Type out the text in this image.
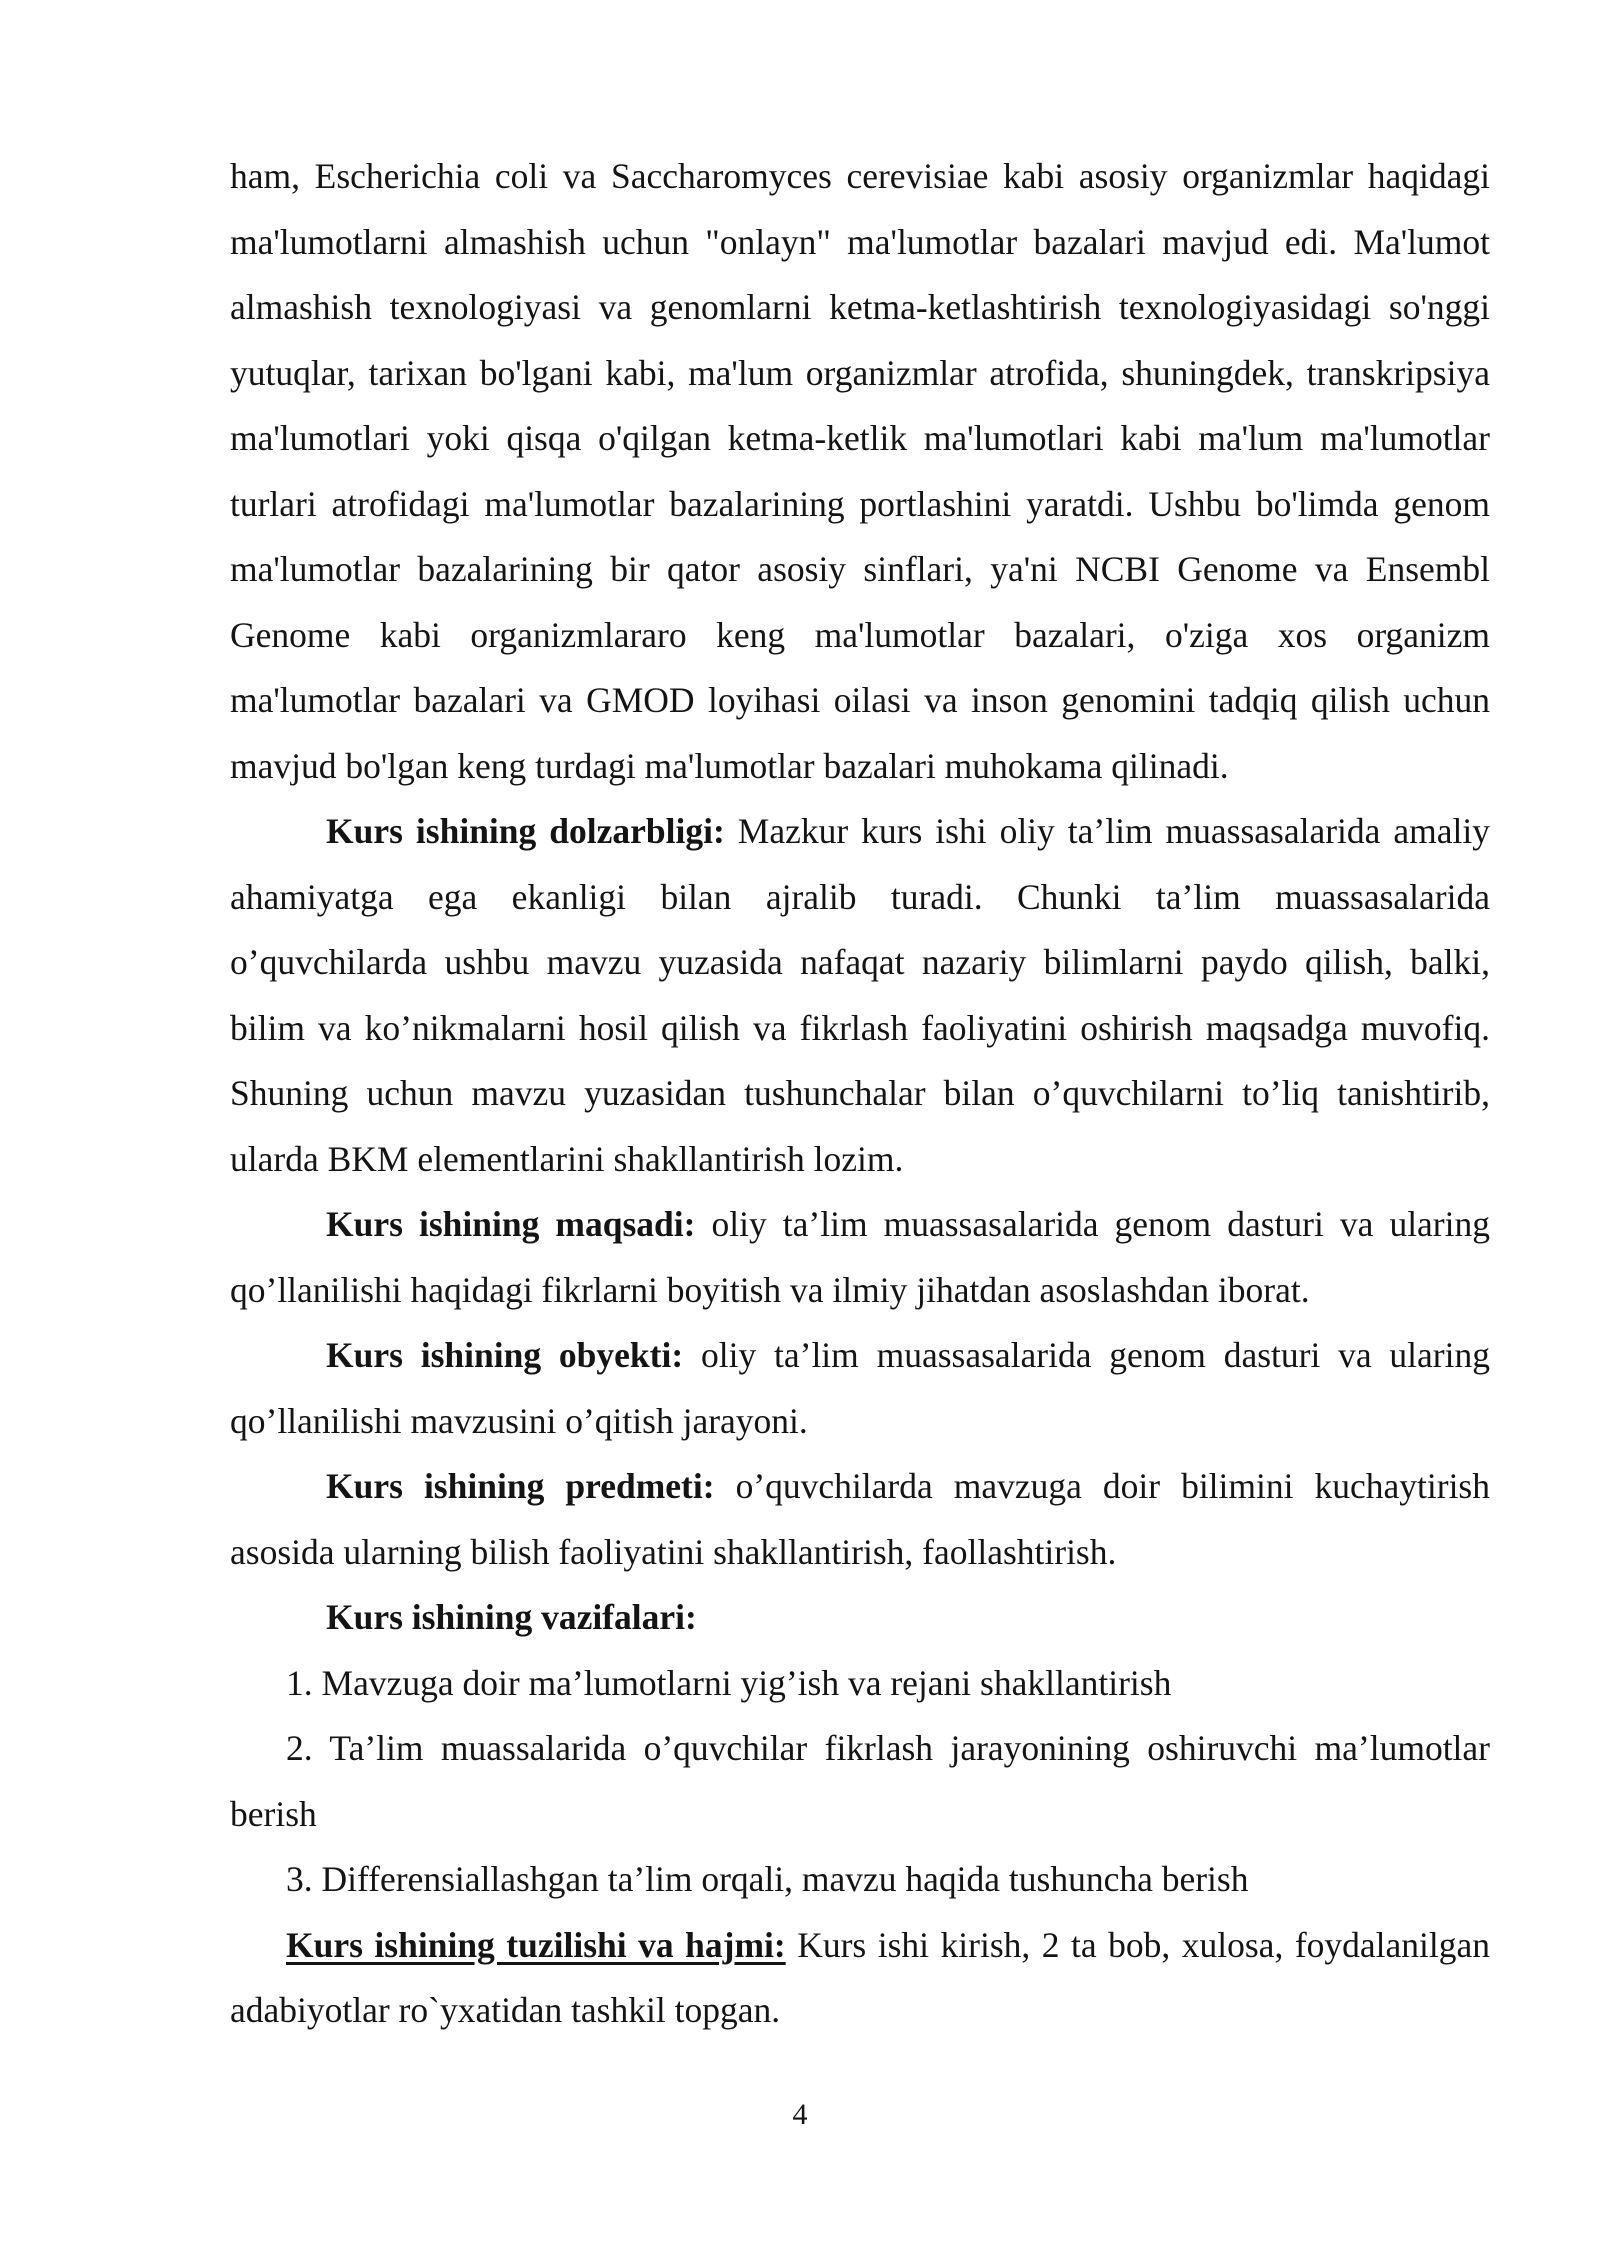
ham, Escherichia coli va Saccharomyces cerevisiae kabi asosiy organizmlar haqidagi ma'lumotlarni almashish uchun "onlayn" ma'lumotlar bazalari mavjud edi. Ma'lumot almashish texnologiyasi va genomlarni ketma-ketlashtirish texnologiyasidagi so'nggi yutuqlar, tarixan bo'lgani kabi, ma'lum organizmlar atrofida, shuningdek, transkripsiya ma'lumotlari yoki qisqa o'qilgan ketma-ketlik ma'lumotlari kabi ma'lum ma'lumotlar turlari atrofidagi ma'lumotlar bazalarining portlashini yaratdi. Ushbu bo'limda genom ma'lumotlar bazalarining bir qator asosiy sinflari, ya'ni NCBI Genome va Ensembl Genome kabi organizmlararo keng ma'lumotlar bazalari, o'ziga xos organizm ma'lumotlar bazalari va GMOD loyihasi oilasi va inson genomini tadqiq qilish uchun mavjud bo'lgan keng turdagi ma'lumotlar bazalari muhokama qilinadi.

Kurs ishining dolzarbligi: Mazkur kurs ishi oliy ta’lim muassasalarida amaliy ahamiyatga ega ekanligi bilan ajralib turadi. Chunki ta’lim muassasalarida o’quvchilarda ushbu mavzu yuzasida nafaqat nazariy bilimlarni paydo qilish, balki, bilim va ko’nikmalarni hosil qilish va fikrlash faoliyatini oshirish maqsadga muvofiq. Shuning uchun mavzu yuzasidan tushunchalar bilan o’quvchilarni to’liq tanishtirib, ularda BKM elementlarini shakllantirish lozim.

Kurs ishining maqsadi: oliy ta’lim muassasalarida genom dasturi va ularing qo’llanilishi haqidagi fikrlarni boyitish va ilmiy jihatdan asoslashdan iborat.

Kurs ishining obyekti: oliy ta’lim muassasalarida genom dasturi va ularing qo’llanilishi mavzusini o’qitish jarayoni.

Kurs ishining predmeti: o’quvchilarda mavzuga doir bilimini kuchaytirish asosida ularning bilish faoliyatini shakllantirish, faollashtirish.

Kurs ishining vazifalari:

1. Mavzuga doir ma’lumotlarni yig’ish va rejani shakllantirish

2. Ta’lim muassalarida o’quvchilar fikrlash jarayonining oshiruvchi ma’lumotlar berish

3. Differensiallashgan ta’lim orqali, mavzu haqida tushuncha berish

Kurs ishining tuzilishi va hajmi: Kurs ishi kirish, 2 ta bob, xulosa, foydalanilgan adabiyotlar ro`yxatidan tashkil topgan.

4
